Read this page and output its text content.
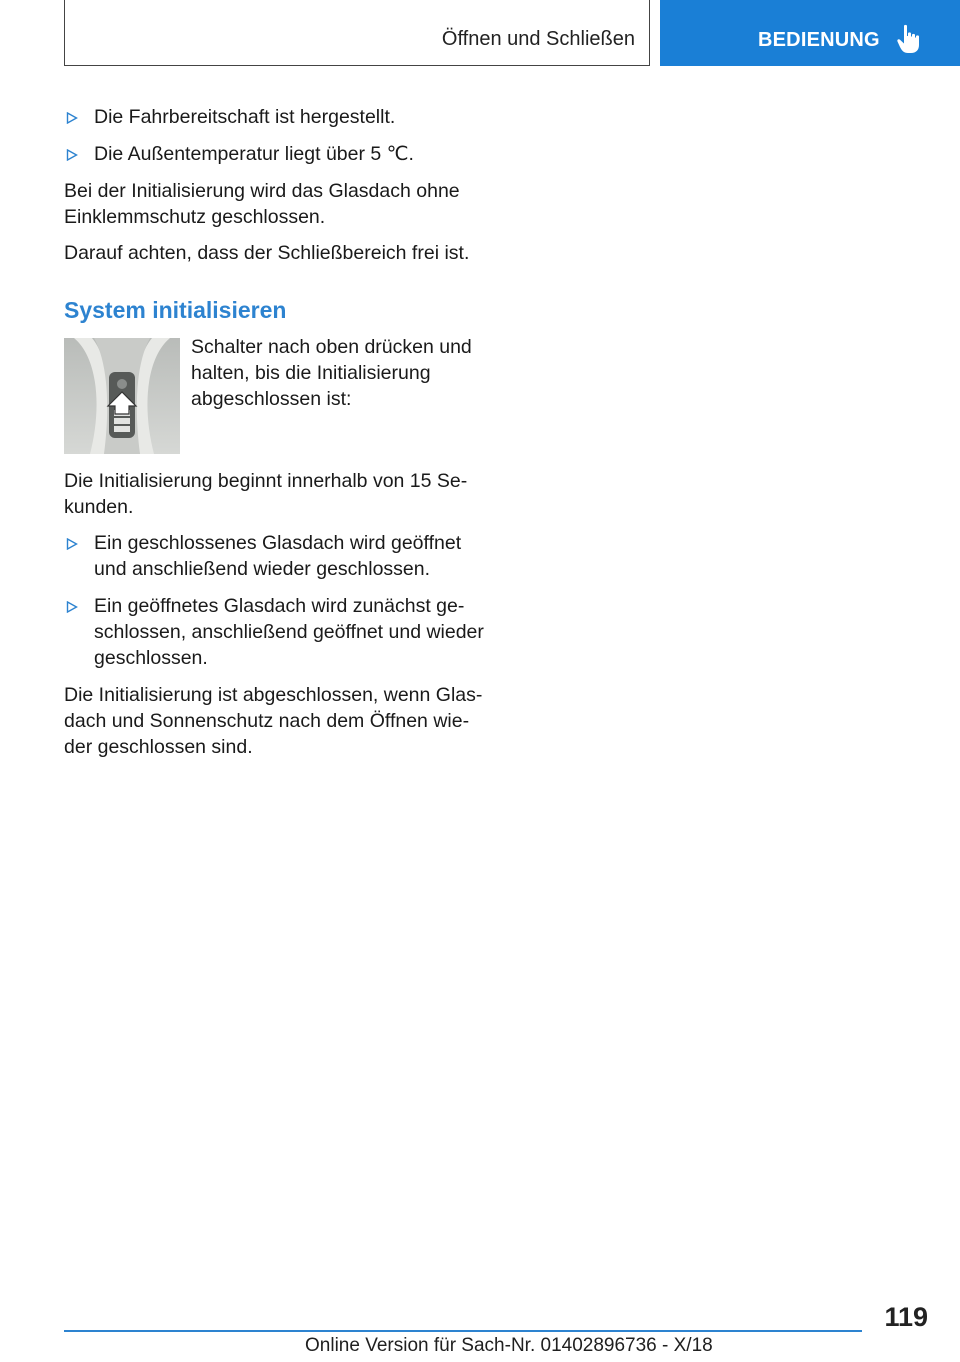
Öffnen und Schließen	BEDIENUNG
Die Fahrbereitschaft ist hergestellt.
Die Außentemperatur liegt über 5 ℃.

Bei der Initialisierung wird das Glasdach ohne Einklemmschutz geschlossen.

Darauf achten, dass der Schließbereich frei ist.

System initialisieren

Schalter nach oben drücken und halten, bis die Initialisierung abgeschlossen ist:

Die Initialisierung beginnt innerhalb von 15 Sekunden.

Ein geschlossenes Glasdach wird geöffnet und anschließend wieder geschlossen.
Ein geöffnetes Glasdach wird zunächst geschlossen, anschließend geöffnet und wieder geschlossen.

Die Initialisierung ist abgeschlossen, wenn Glasdach und Sonnenschutz nach dem Öffnen wieder geschlossen sind.

119
Online Version für Sach-Nr. 01402896736 - X/18
